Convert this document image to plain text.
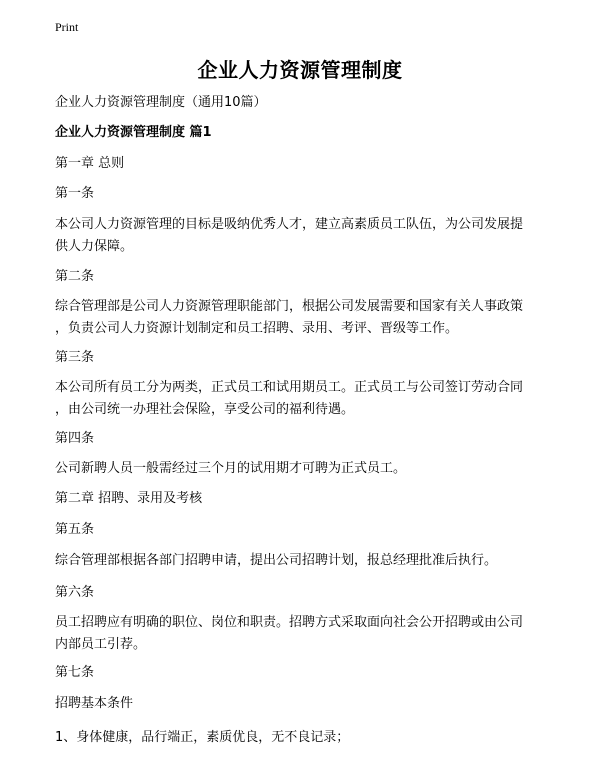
Print
企业人力资源管理制度
企业人力资源管理制度（通用10篇）
企业人力资源管理制度 篇1
第一章 总则
第一条
本公司人力资源管理的目标是吸纳优秀人才，建立高素质员工队伍，为公司发展提
供人力保障。
第二条
综合管理部是公司人力资源管理职能部门，根据公司发展需要和国家有关人事政策
，负责公司人力资源计划制定和员工招聘、录用、考评、晋级等工作。
第三条
本公司所有员工分为两类，正式员工和试用期员工。正式员工与公司签订劳动合同
，由公司统一办理社会保险，享受公司的福利待遇。
第四条
公司新聘人员一般需经过三个月的试用期才可聘为正式员工。
第二章 招聘、录用及考核
第五条
综合管理部根据各部门招聘申请，提出公司招聘计划，报总经理批准后执行。
第六条
员工招聘应有明确的职位、岗位和职责。招聘方式采取面向社会公开招聘或由公司
内部员工引荐。
第七条
招聘基本条件
1、身体健康，品行端正，素质优良，无不良记录；
